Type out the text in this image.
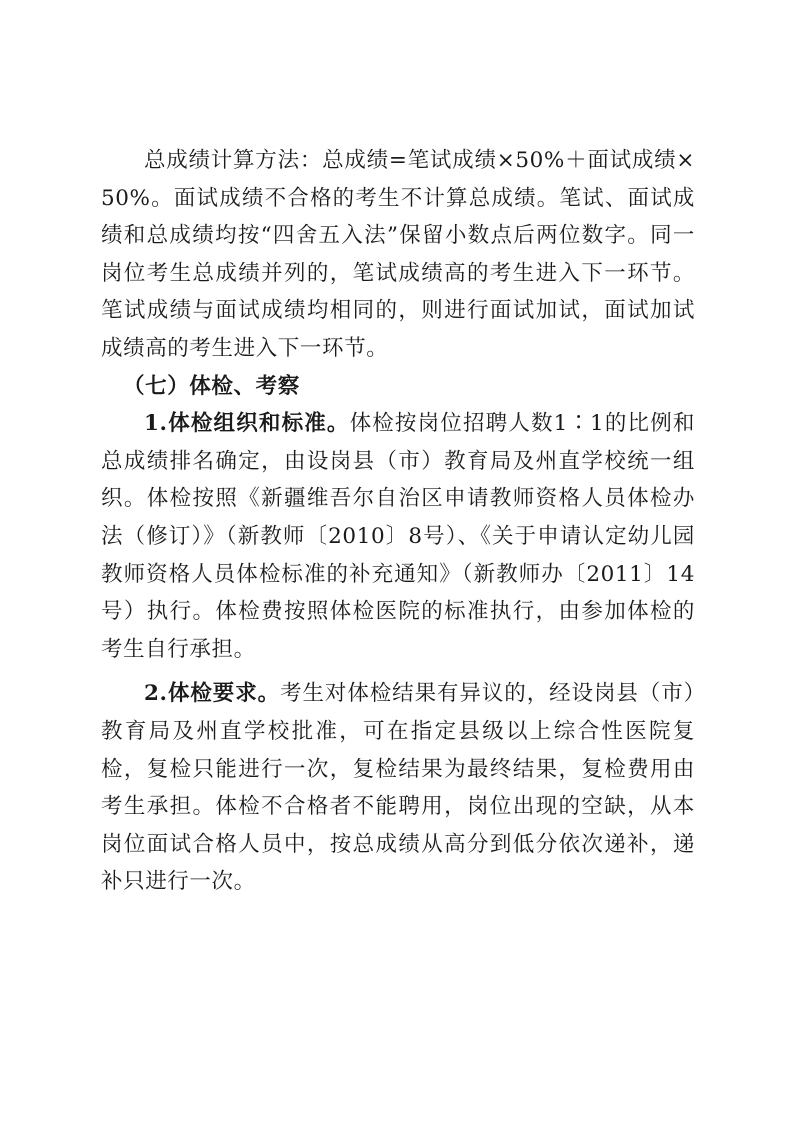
总成绩计算方法：总成绩=笔试成绩×50%＋面试成绩×50%。面试成绩不合格的考生不计算总成绩。笔试、面试成绩和总成绩均按“四舍五入法”保留小数点后两位数字。同一岗位考生总成绩并列的，笔试成绩高的考生进入下一环节。笔试成绩与面试成绩均相同的，则进行面试加试，面试加试成绩高的考生进入下一环节。

（七）体检、考察

1.体检组织和标准。体检按岗位招聘人数1∶1的比例和总成绩排名确定，由设岗县（市）教育局及州直学校统一组织。体检按照《新疆维吾尔自治区申请教师资格人员体检办法（修订）》（新教师〔2010〕8号）、《关于申请认定幼儿园教师资格人员体检标准的补充通知》（新教师办〔2011〕14号）执行。体检费按照体检医院的标准执行，由参加体检的考生自行承担。

2.体检要求。考生对体检结果有异议的，经设岗县（市）教育局及州直学校批准，可在指定县级以上综合性医院复检，复检只能进行一次，复检结果为最终结果，复检费用由考生承担。体检不合格者不能聘用，岗位出现的空缺，从本岗位面试合格人员中，按总成绩从高分到低分依次递补，递补只进行一次。
